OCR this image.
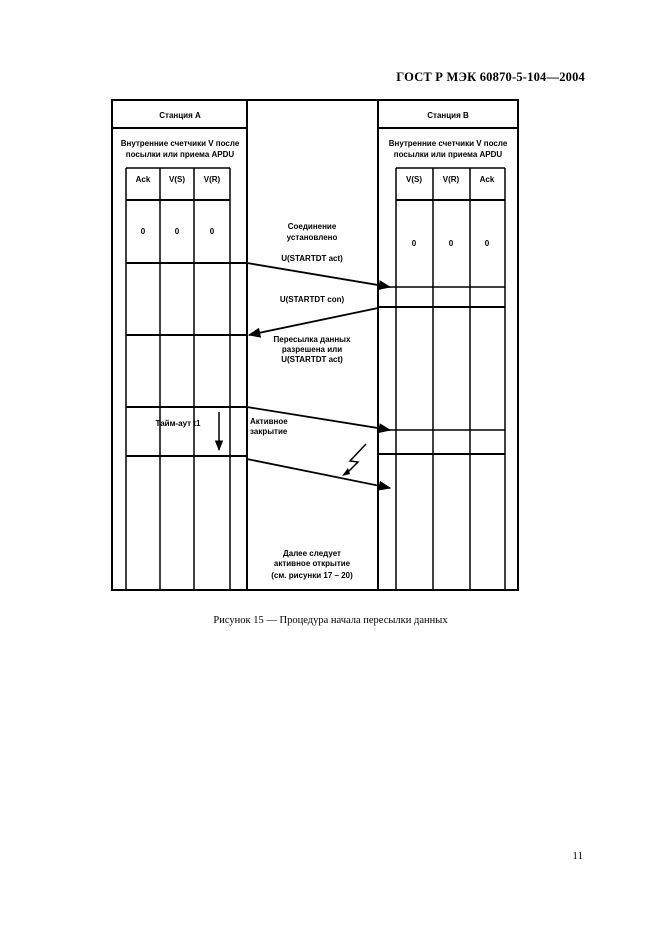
ГОСТ Р МЭК 60870-5-104—2004
Станция А
Внутренние счетчики V после
посылки или приема APDU
Ack V(S) V(R)
0	0	0
Тайм-аут t1
Станция В
Внутренние счетчики V после
посылки или приема APDU
V(S)	V(R)	Ack
0	0	0
Соединение
установлено
U(STARTDT act)
U(STARTDT con)
Пересылка данных
разрешена или
U(STARTDT act)
Активное
закрытие
Далее следует
активное открытие
(см. рисунки 17 – 20)
Рисунок 15 — Процедура начала пересылки данных
11
